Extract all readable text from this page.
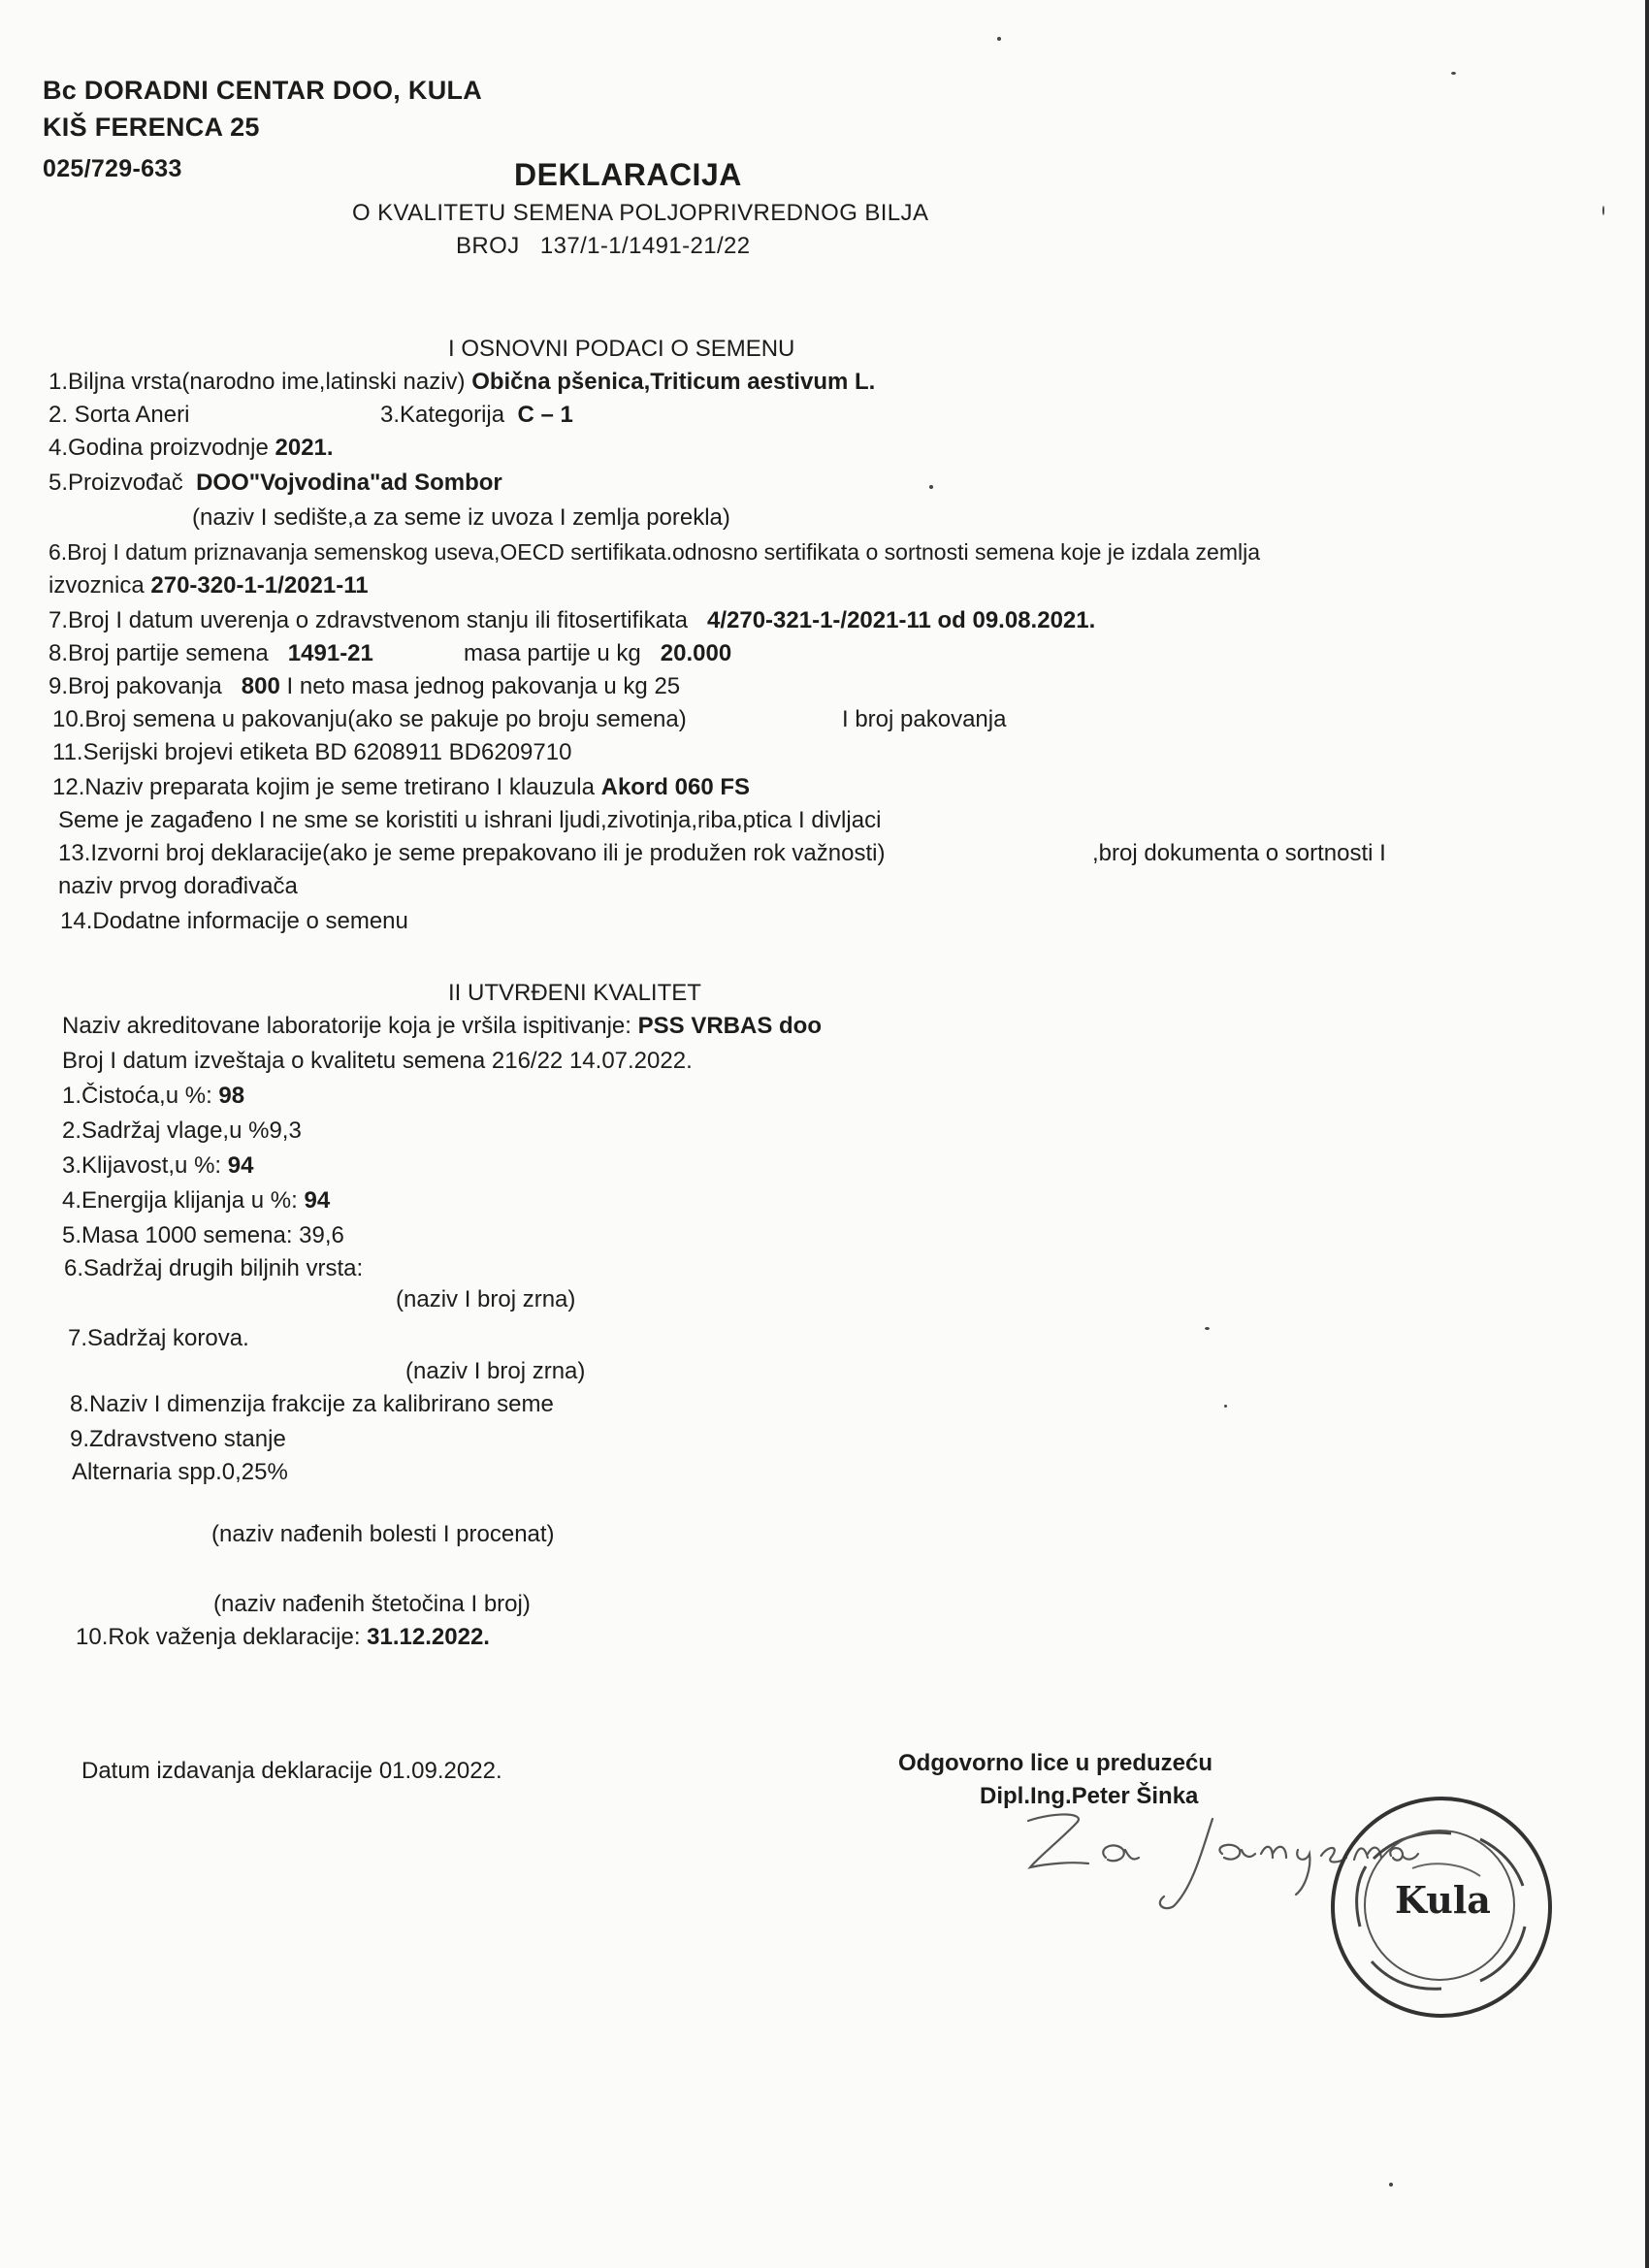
Bc DORADNI CENTAR DOO, KULA
KIŠ FERENCA 25
025/729-633	DEKLARACIJA
O KVALITETU SEMENA POLJOPRIVREDNOG BILJA
BROJ 137/1-1/1491-21/22
I OSNOVNI PODACI O SEMENU
1.Biljna vrsta(narodno ime,latinski naziv) Obična pšenica,Triticum aestivum L.
2. Sorta Aneri	3.Kategorija C – 1
4.Godina proizvodnje 2021.
5.Proizvođač DOO"Vojvodina"ad Sombor
(naziv I sedište,a za seme iz uvoza I zemlja porekla)
6.Broj I datum priznavanja semenskog useva,OECD sertifikata.odnosno sertifikata o sortnosti semena koje je izdala zemlja
izvoznica 270-320-1-1/2021-11
7.Broj I datum uverenja o zdravstvenom stanju ili fitosertifikata 4/270-321-1-/2021-11 od 09.08.2021.
8.Broj partije semena 1491-21	masa partije u kg 20.000
9.Broj pakovanja 800 I neto masa jednog pakovanja u kg 25
10.Broj semena u pakovanju(ako se pakuje po broju semena)	I broj pakovanja
11.Serijski brojevi etiketa BD 6208911 BD6209710
12.Naziv preparata kojim je seme tretirano I klauzula Akord 060 FS
Seme je zagađeno I ne sme se koristiti u ishrani ljudi,zivotinja,riba,ptica I divljaci
13.Izvorni broj deklaracije(ako je seme prepakovano ili je produžen rok važnosti)	,broj dokumenta o sortnosti I
naziv prvog dorađivača
14.Dodatne informacije o semenu
II UTVRĐENI KVALITET
Naziv akreditovane laboratorije koja je vršila ispitivanje: PSS VRBAS doo
Broj I datum izveštaja o kvalitetu semena 216/22 14.07.2022.
1.Čistoća,u %: 98
2.Sadržaj vlage,u %9,3
3.Klijavost,u %: 94
4.Energija klijanja u %: 94
5.Masa 1000 semena: 39,6
6.Sadržaj drugih biljnih vrsta:
(naziv I broj zrna)
7.Sadržaj korova.
(naziv I broj zrna)
8.Naziv I dimenzija frakcije za kalibrirano seme
9.Zdravstveno stanje
Alternaria spp.0,25%
(naziv nađenih bolesti I procenat)
(naziv nađenih štetočina I broj)
10.Rok važenja deklaracije: 31.12.2022.
Datum izdavanja deklaracije 01.09.2022.	Odgovorno lice u preduzeću
Dipl.Ing.Peter Šinka
Kula
